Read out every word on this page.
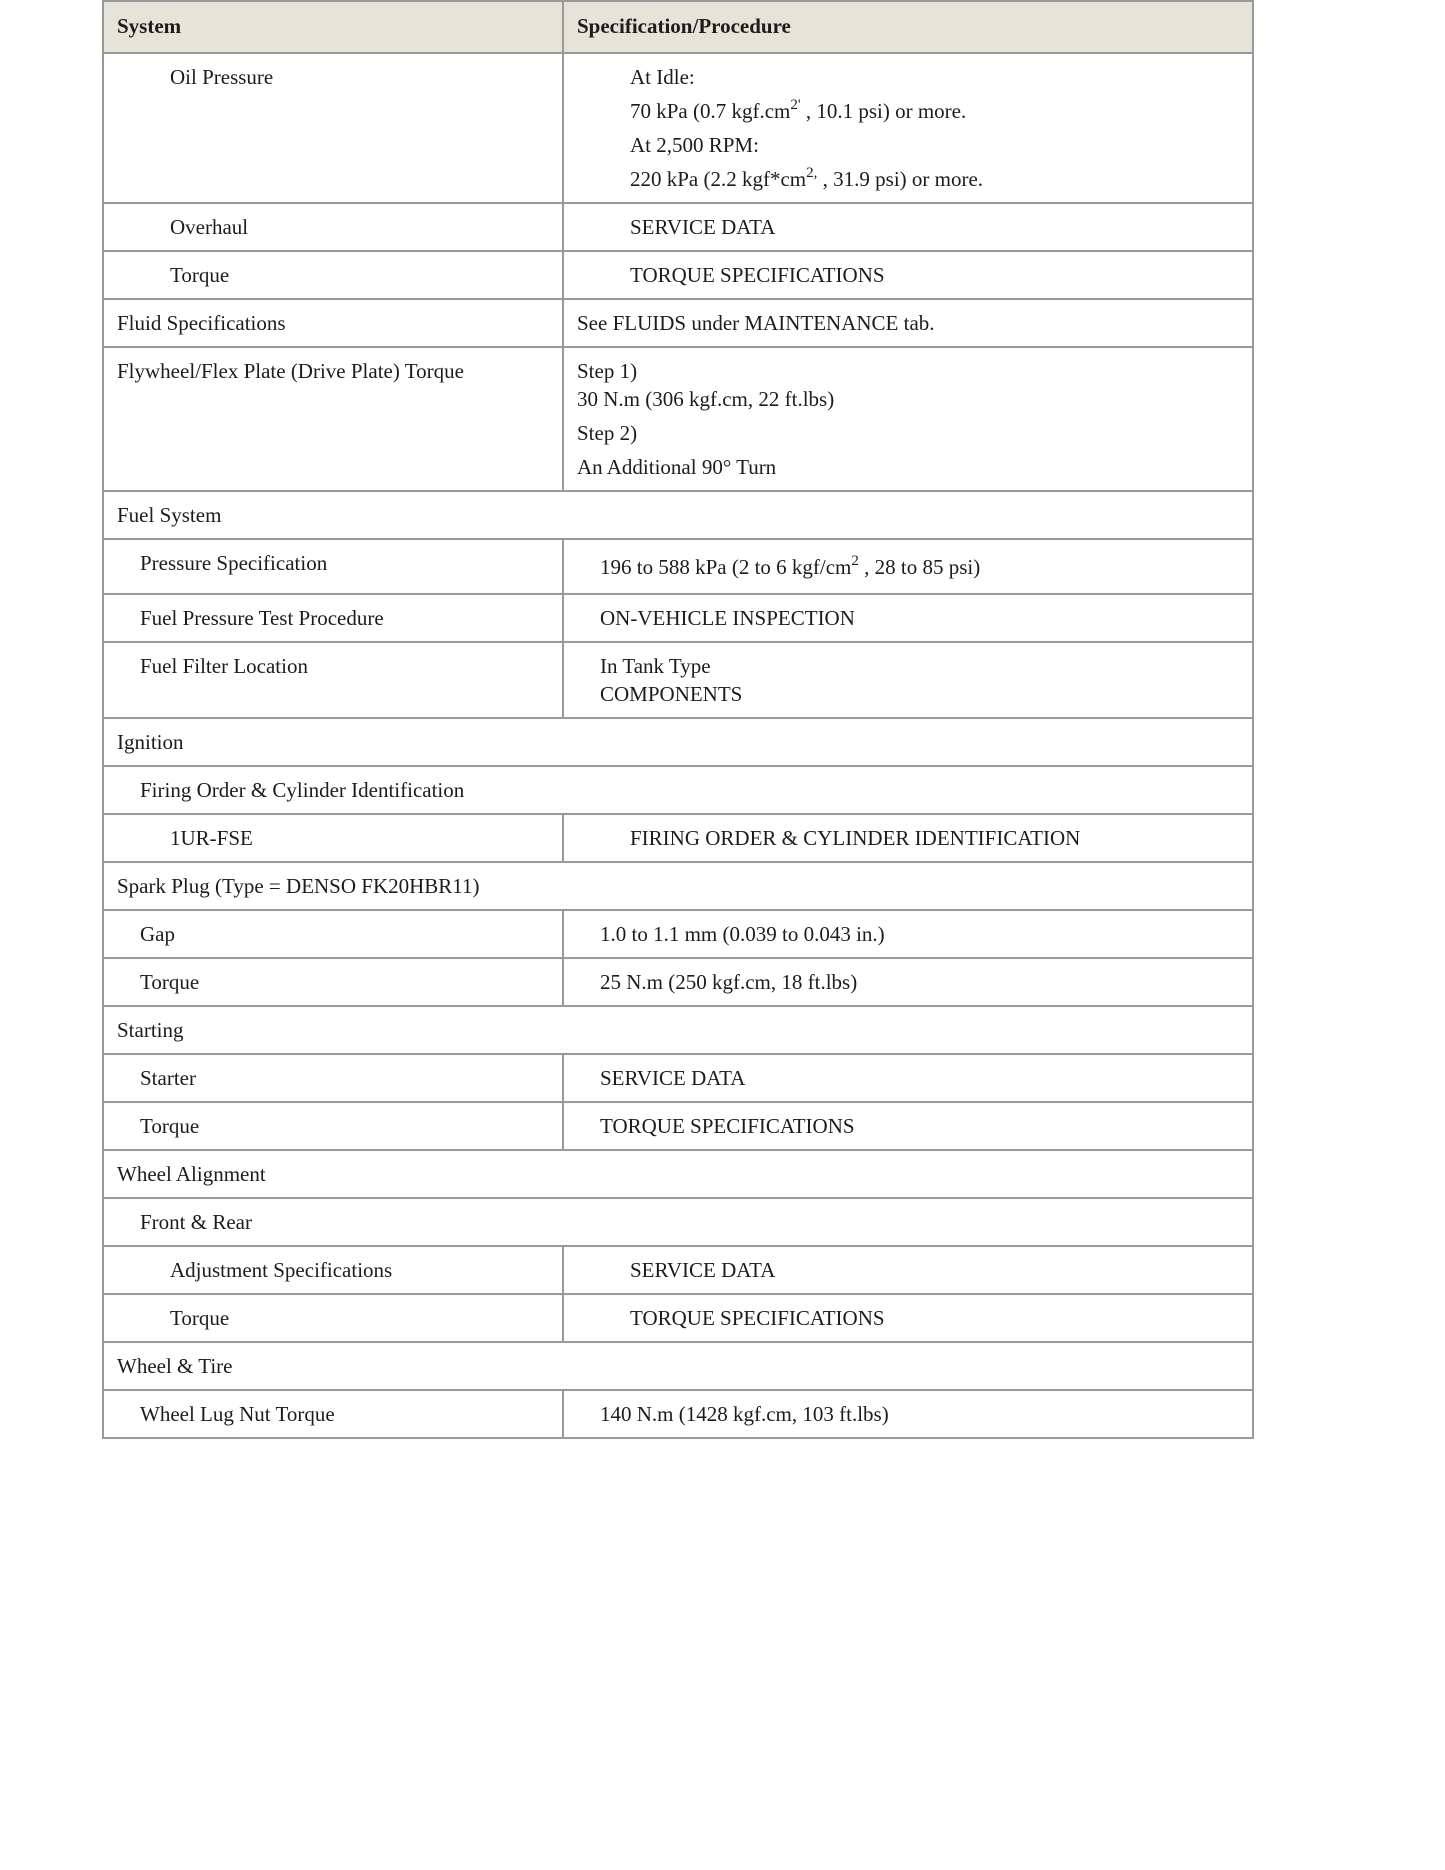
System	Specification/Procedure
Oil Pressure	At Idle:
70 kPa (0.7 $kgf.cm^{2'}$ , 10.1 psi) or more.
At 2,500 RPM:
220 kPa (2.2 $kgf*cm^{2,}$ , 31.9 psi) or more.

Overhaul	SERVICE DATA
Torque	TORQUE SPECIFICATIONS
Fluid Specifications	See FLUIDS under MAINTENANCE tab.
Flywheel/Flex Plate (Drive Plate) Torque	Step 1)
30 N.m (306 kgf.cm, 22 ft.lbs)
Step 2)
An Additional 90° Turn

Fuel System	
Pressure Specification	196 to 588 kPa (2 to 6 kgf/$cm^2$ , 28 to 85 psi)
Fuel Pressure Test Procedure	ON-VEHICLE INSPECTION
Fuel Filter Location	In Tank Type
COMPONENTS

Ignition	
Firing Order & Cylinder Identification	
1UR-FSE	FIRING ORDER & CYLINDER IDENTIFICATION
Spark Plug (Type = DENSO FK20HBR11)	
Gap	1.0 to 1.1 mm (0.039 to 0.043 in.)
Torque	25 N.m (250 kgf.cm, 18 ft.lbs)
Starting	
Starter	SERVICE DATA
Torque	TORQUE SPECIFICATIONS
Wheel Alignment	
Front & Rear	
Adjustment Specifications	SERVICE DATA
Torque	TORQUE SPECIFICATIONS
Wheel & Tire	
Wheel Lug Nut Torque	140 N.m (1428 kgf.cm, 103 ft.lbs)
